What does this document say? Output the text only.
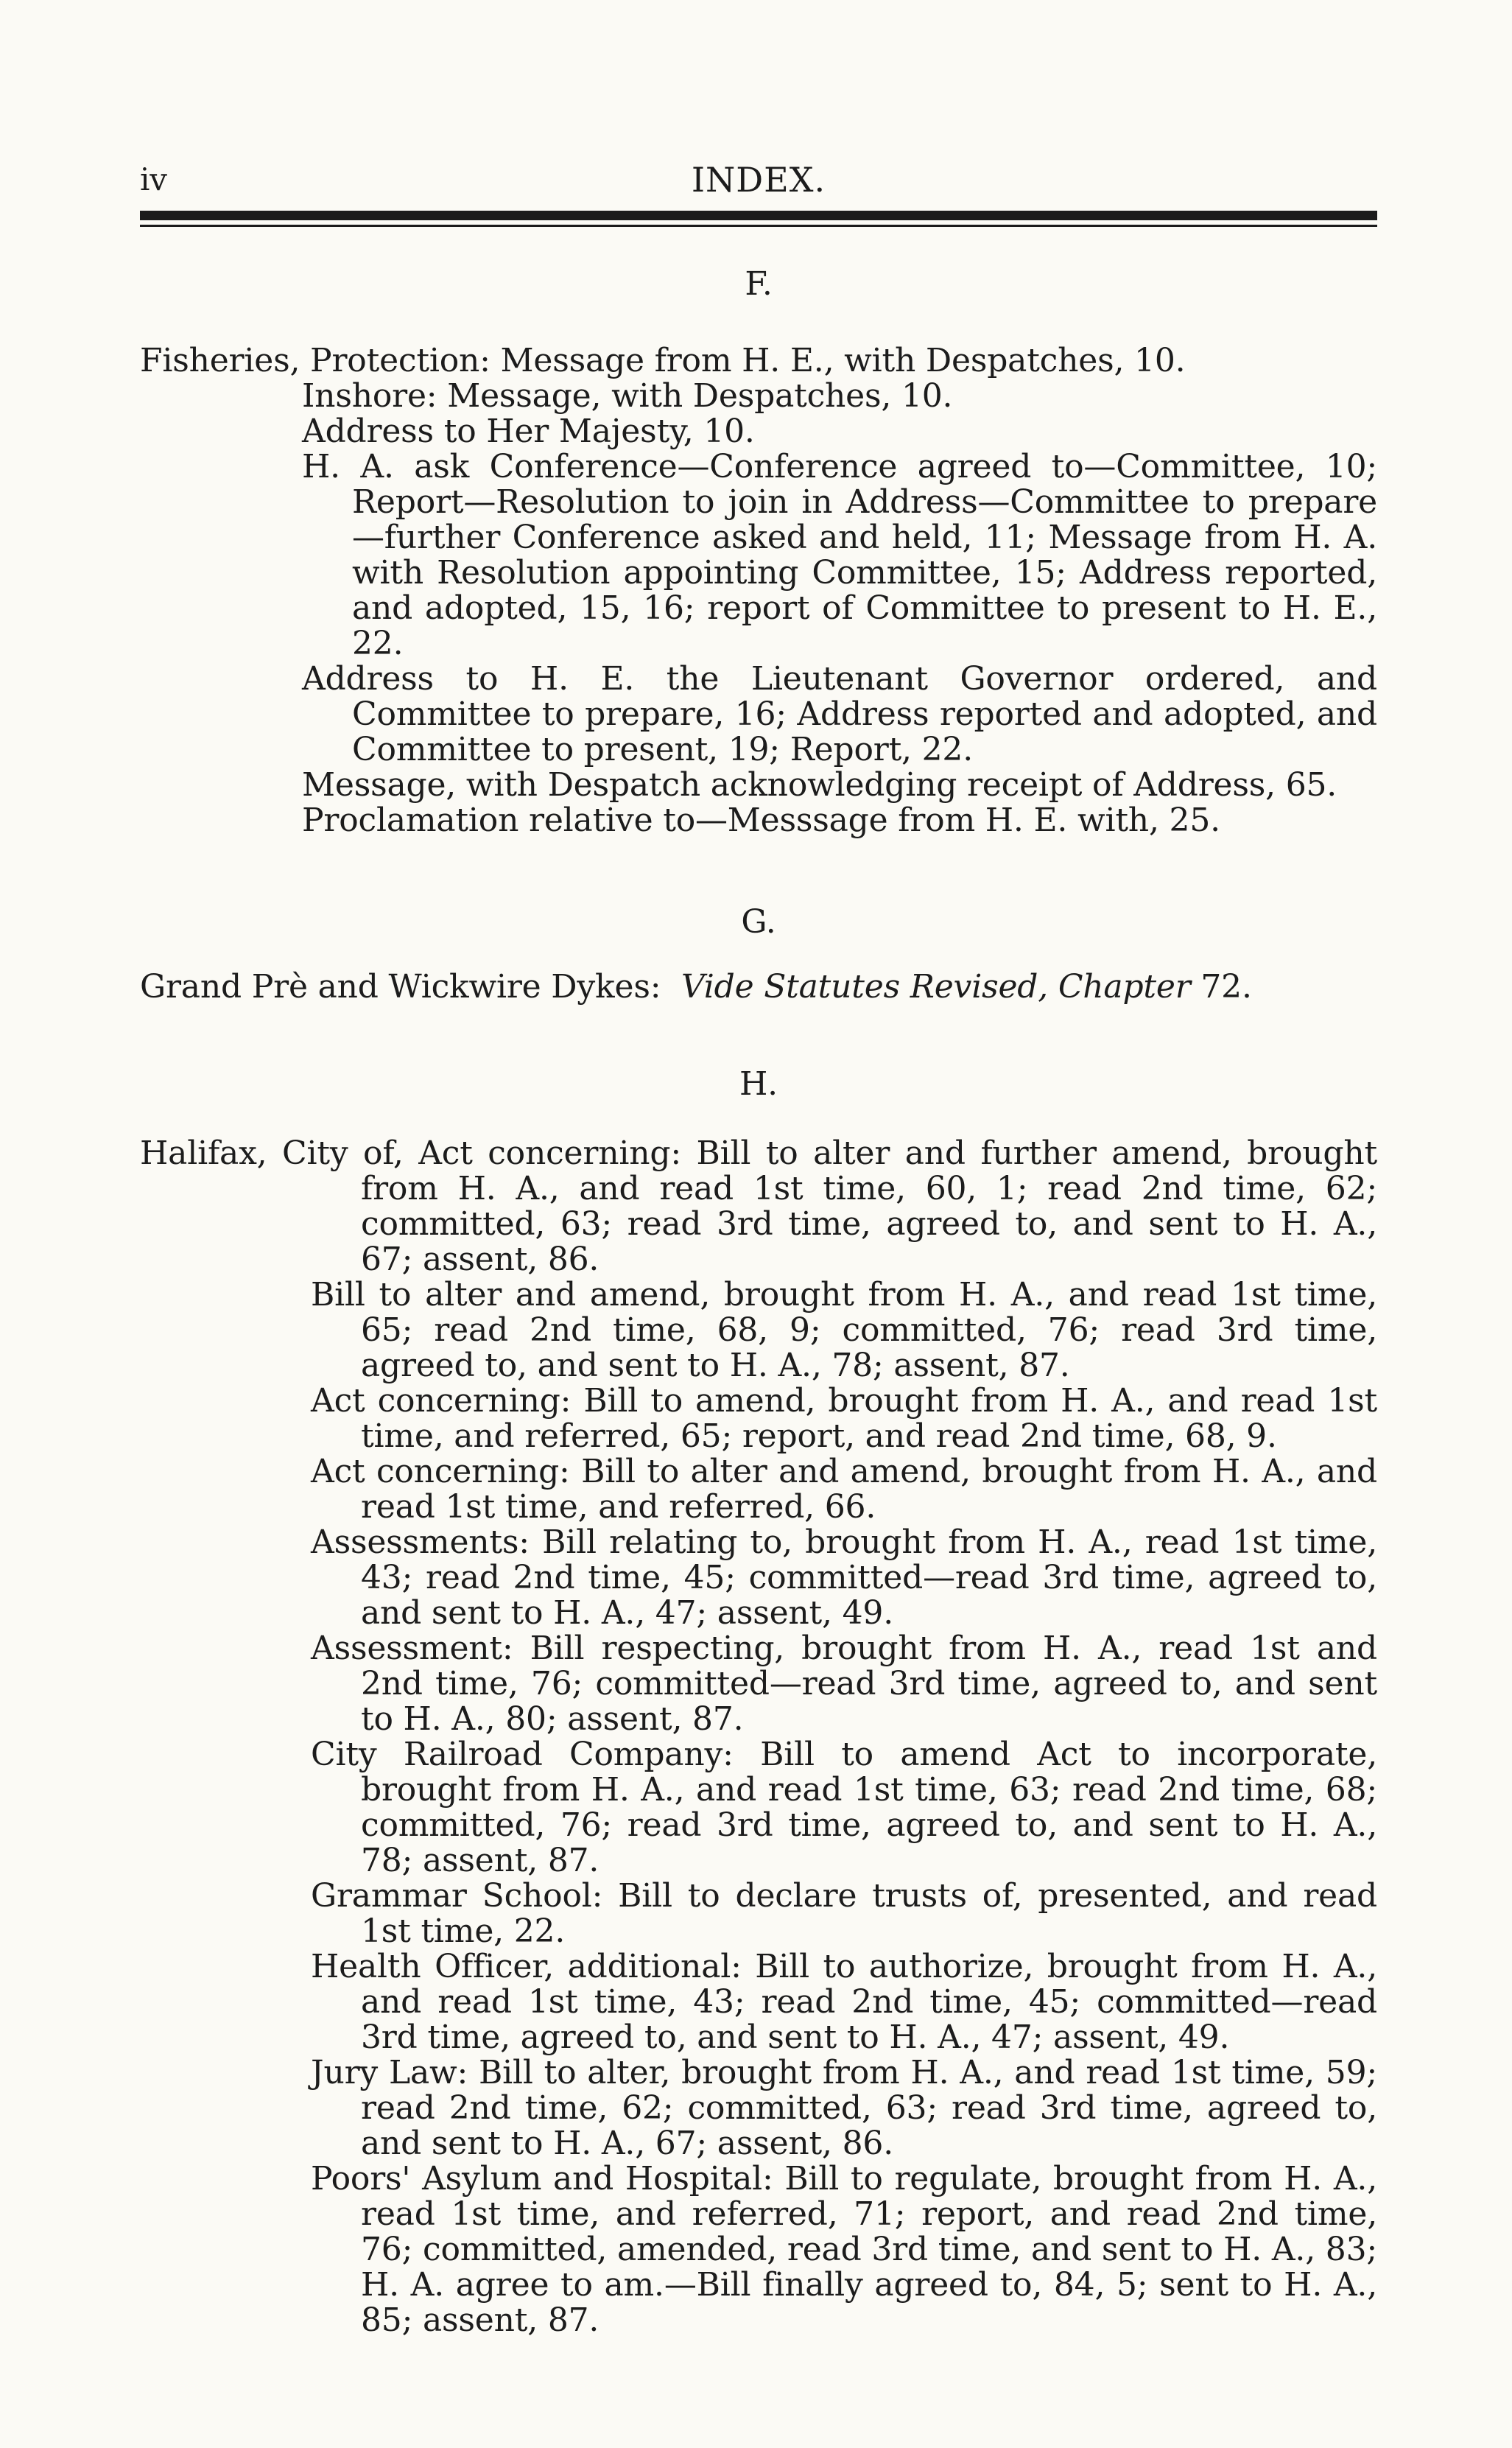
iv	INDEX.
F.

Fisheries, Protection: Message from H. E., with Despatches, 10.

Inshore: Message, with Despatches, 10.

Address to Her Majesty, 10.

H. A. ask Conference—Conference agreed to—Committee, 10; Report—Resolution to join in Address—Committee to prepare—further Conference asked and held, 11; Message from H. A. with Resolution appointing Committee, 15; Address reported, and adopted, 15, 16; report of Committee to present to H. E., 22.

Address to H. E. the Lieutenant Governor ordered, and Committee to prepare, 16; Address reported and adopted, and Committee to present, 19; Report, 22.

Message, with Despatch acknowledging receipt of Address, 65.

Proclamation relative to—Messsage from H. E. with, 25.

G.

Grand Prè and Wickwire Dykes: Vide Statutes Revised, Chapter 72.

H.

Halifax, City of, Act concerning: Bill to alter and further amend, brought from H. A., and read 1st time, 60, 1; read 2nd time, 62; committed, 63; read 3rd time, agreed to, and sent to H. A., 67; assent, 86.

Bill to alter and amend, brought from H. A., and read 1st time, 65; read 2nd time, 68, 9; committed, 76; read 3rd time, agreed to, and sent to H. A., 78; assent, 87.

Act concerning: Bill to amend, brought from H. A., and read 1st time, and referred, 65; report, and read 2nd time, 68, 9.

Act concerning: Bill to alter and amend, brought from H. A., and read 1st time, and referred, 66.

Assessments: Bill relating to, brought from H. A., read 1st time, 43; read 2nd time, 45; committed—read 3rd time, agreed to, and sent to H. A., 47; assent, 49.

Assessment: Bill respecting, brought from H. A., read 1st and 2nd time, 76; committed—read 3rd time, agreed to, and sent to H. A., 80; assent, 87.

City Railroad Company: Bill to amend Act to incorporate, brought from H. A., and read 1st time, 63; read 2nd time, 68; committed, 76; read 3rd time, agreed to, and sent to H. A., 78; assent, 87.

Grammar School: Bill to declare trusts of, presented, and read 1st time, 22.

Health Officer, additional: Bill to authorize, brought from H. A., and read 1st time, 43; read 2nd time, 45; committed—read 3rd time, agreed to, and sent to H. A., 47; assent, 49.

Jury Law: Bill to alter, brought from H. A., and read 1st time, 59; read 2nd time, 62; committed, 63; read 3rd time, agreed to, and sent to H. A., 67; assent, 86.

Poors' Asylum and Hospital: Bill to regulate, brought from H. A., read 1st time, and referred, 71; report, and read 2nd time, 76; committed, amended, read 3rd time, and sent to H. A., 83; H. A. agree to am.—Bill finally agreed to, 84, 5; sent to H. A., 85; assent, 87.
